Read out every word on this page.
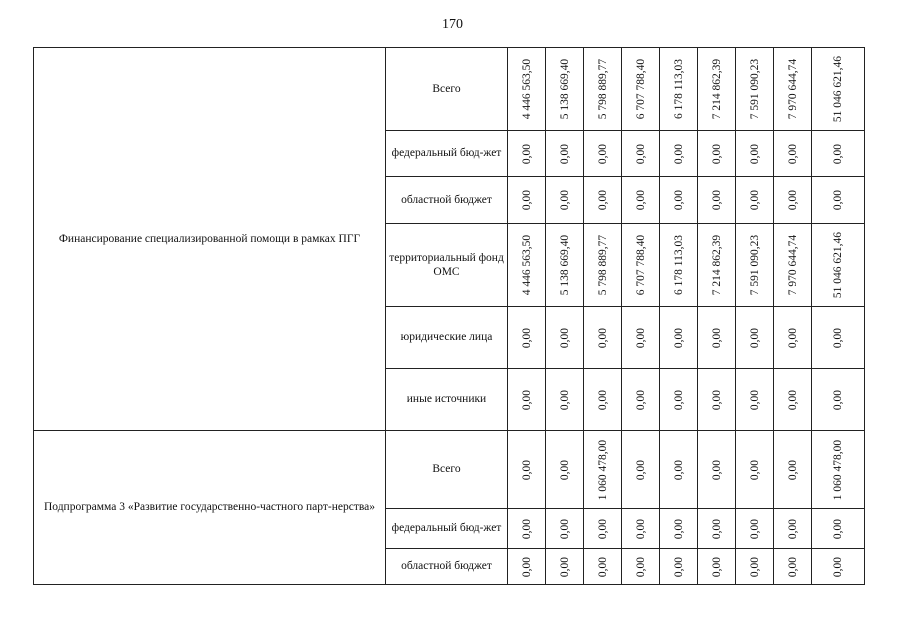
170
Финансирование специализированной помощи в рамках ПГГ	Всего	4 446 563,50	5 138 669,40	5 798 889,77	6 707 788,40	6 178 113,03	7 214 862,39	7 591 090,23	7 970 644,74	51 046 621,46

	федеральный бюд-жет	0,00	0,00	0,00	0,00	0,00	0,00	0,00	0,00	0,00

	областной бюджет	0,00	0,00	0,00	0,00	0,00	0,00	0,00	0,00	0,00

	территориальный фонд ОМС	4 446 563,50	5 138 669,40	5 798 889,77	6 707 788,40	6 178 113,03	7 214 862,39	7 591 090,23	7 970 644,74	51 046 621,46

	юридические лица	0,00	0,00	0,00	0,00	0,00	0,00	0,00	0,00	0,00

	иные источники	0,00	0,00	0,00	0,00	0,00	0,00	0,00	0,00	0,00

Подпрограмма 3 «Развитие государственно-частного парт-нерства»	Всего	0,00	0,00	1 060 478,00	0,00	0,00	0,00	0,00	0,00	1 060 478,00

	федеральный бюд-жет	0,00	0,00	0,00	0,00	0,00	0,00	0,00	0,00	0,00

	областной бюджет	0,00	0,00	0,00	0,00	0,00	0,00	0,00	0,00	0,00
